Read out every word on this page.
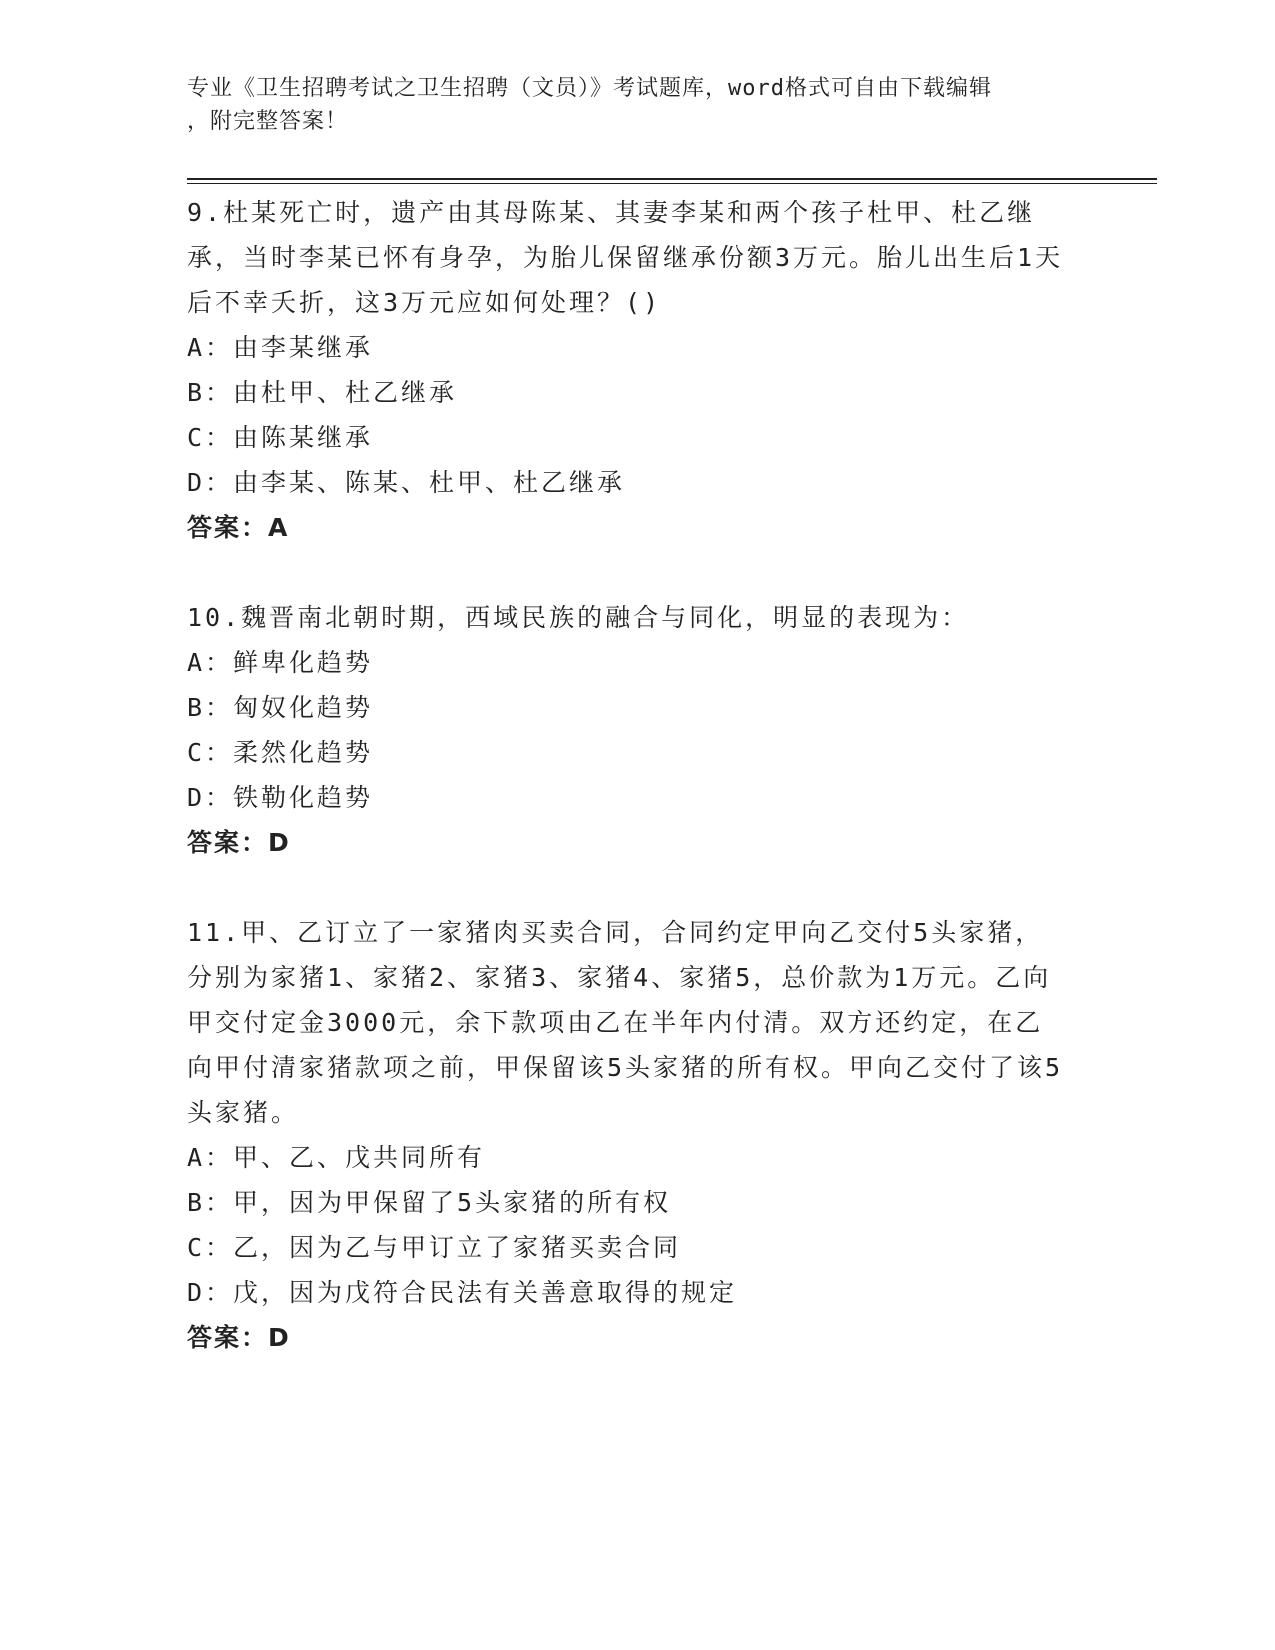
专业《卫生招聘考试之卫生招聘（文员）》考试题库，word格式可自由下载编辑
，附完整答案！
9.杜某死亡时，遗产由其母陈某、其妻李某和两个孩子杜甲、杜乙继承，当时李某已怀有身孕，为胎儿保留继承份额3万元。胎儿出生后1天后不幸夭折，这3万元应如何处理？()
A：由李某继承
B：由杜甲、杜乙继承
C：由陈某继承
D：由李某、陈某、杜甲、杜乙继承
答案：A
10.魏晋南北朝时期，西域民族的融合与同化，明显的表现为：
A：鲜卑化趋势
B：匈奴化趋势
C：柔然化趋势
D：铁勒化趋势
答案：D
11.甲、乙订立了一家猪肉买卖合同，合同约定甲向乙交付5头家猪，分别为家猪1、家猪2、家猪3、家猪4、家猪5，总价款为1万元。乙向甲交付定金3000元，余下款项由乙在半年内付清。双方还约定，在乙向甲付清家猪款项之前，甲保留该5头家猪的所有权。甲向乙交付了该5头家猪。
A：甲、乙、戊共同所有
B：甲，因为甲保留了5头家猪的所有权
C：乙，因为乙与甲订立了家猪买卖合同
D：戊，因为戊符合民法有关善意取得的规定
答案：D
